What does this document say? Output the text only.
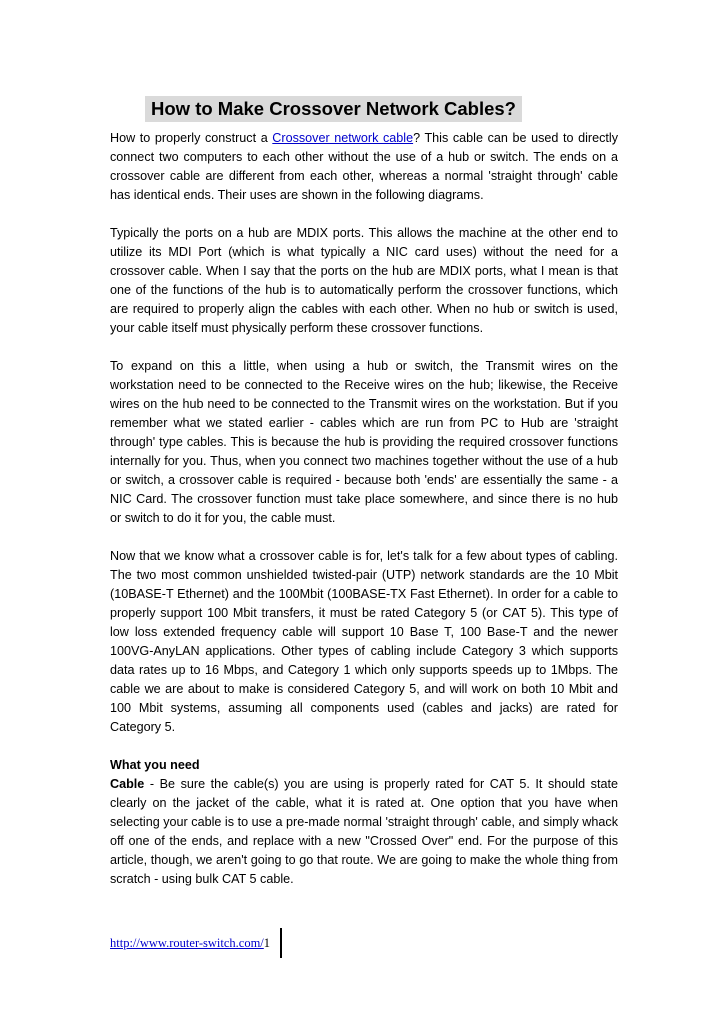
How to Make Crossover Network Cables?

How to properly construct a Crossover network cable? This cable can be used to directly connect two computers to each other without the use of a hub or switch. The ends on a crossover cable are different from each other, whereas a normal 'straight through' cable has identical ends. Their uses are shown in the following diagrams.

Typically the ports on a hub are MDIX ports. This allows the machine at the other end to utilize its MDI Port (which is what typically a NIC card uses) without the need for a crossover cable. When I say that the ports on the hub are MDIX ports, what I mean is that one of the functions of the hub is to automatically perform the crossover functions, which are required to properly align the cables with each other. When no hub or switch is used, your cable itself must physically perform these crossover functions.

To expand on this a little, when using a hub or switch, the Transmit wires on the workstation need to be connected to the Receive wires on the hub; likewise, the Receive wires on the hub need to be connected to the Transmit wires on the workstation. But if you remember what we stated earlier - cables which are run from PC to Hub are 'straight through' type cables. This is because the hub is providing the required crossover functions internally for you. Thus, when you connect two machines together without the use of a hub or switch, a crossover cable is required - because both 'ends' are essentially the same - a NIC Card. The crossover function must take place somewhere, and since there is no hub or switch to do it for you, the cable must.

Now that we know what a crossover cable is for, let's talk for a few about types of cabling. The two most common unshielded twisted-pair (UTP) network standards are the 10 Mbit (10BASE-T Ethernet) and the 100Mbit (100BASE-TX Fast Ethernet). In order for a cable to properly support 100 Mbit transfers, it must be rated Category 5 (or CAT 5). This type of low loss extended frequency cable will support 10 Base T, 100 Base-T and the newer 100VG-AnyLAN applications. Other types of cabling include Category 3 which supports data rates up to 16 Mbps, and Category 1 which only supports speeds up to 1Mbps. The cable we are about to make is considered Category 5, and will work on both 10 Mbit and 100 Mbit systems, assuming all components used (cables and jacks) are rated for Category 5.

What you need

Cable - Be sure the cable(s) you are using is properly rated for CAT 5. It should state clearly on the jacket of the cable, what it is rated at. One option that you have when selecting your cable is to use a pre-made normal 'straight through' cable, and simply whack off one of the ends, and replace with a new "Crossed Over" end. For the purpose of this article, though, we aren't going to go that route. We are going to make the whole thing from scratch - using bulk CAT 5 cable.

http://www.router-switch.com/1
